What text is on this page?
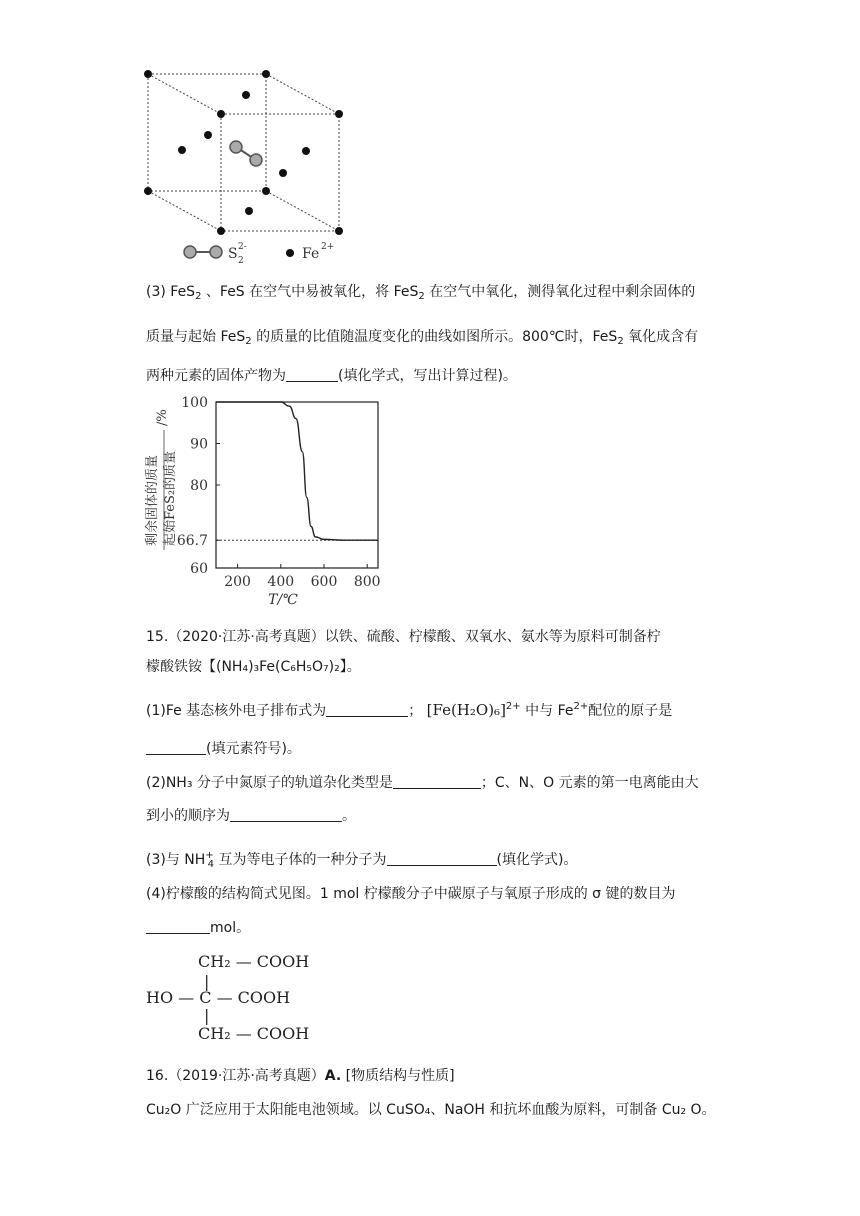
S 2
2-	Fe 2+
(3) FeS$_2$ 、FeS 在空气中易被氧化，将 FeS$_2$ 在空气中氧化，测得氧化过程中剩余固体的
质量与起始 FeS$_2$ 的质量的比值随温度变化的曲线如图所示。800℃时，FeS$_2$ 氧化成含有
两种元素的固体产物为	(填化学式，写出计算过程)。
剩余固体的质量 起始FeS₂的质量
/%
100
90
80
66.7
60
200 400 600 800
T/℃
15.（2020·江苏·高考真题）以铁、硫酸、柠檬酸、双氧水、氨水等为原料可制备柠
檬酸铁铵【(NH₄)₃Fe(C₆H₅O₇)₂】。
(1)Fe 基态核外电子排布式为	； $[Fe(H_2O)_6]^{2+}$ 中与 $Fe^{2+}$配位的原子是
(填元素符号)。
(2)NH₃ 分子中氮原子的轨道杂化类型是	；C、N、O 元素的第一电离能由大
到小的顺序为	。
(3)与 $NH^+_4$ 互为等电子体的一种分子为	(填化学式)。
(4)柠檬酸的结构简式见图。1 mol 柠檬酸分子中碳原子与氧原子形成的 σ 键的数目为
mol。
CH₂ — COOH
|
HO — C — COOH
|
CH₂ — COOH
16.（2019·江苏·高考真题）A. [物质结构与性质]
Cu₂O 广泛应用于太阳能电池领域。以 CuSO₄、NaOH 和抗坏血酸为原料，可制备 Cu₂ O。
